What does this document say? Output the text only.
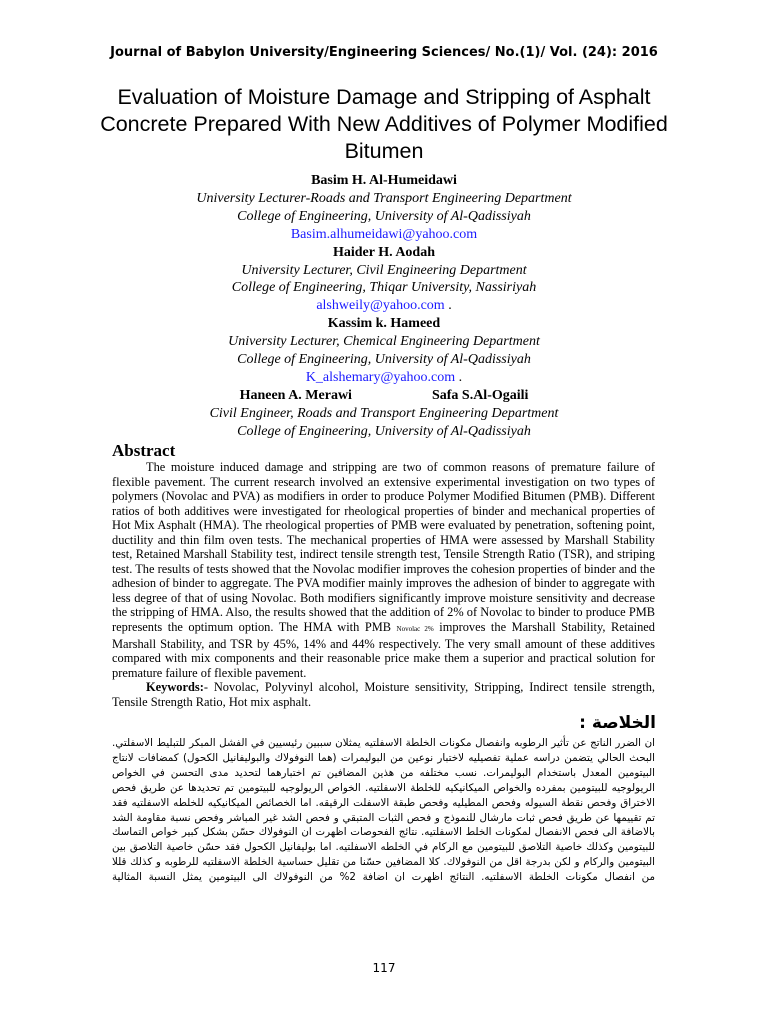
Journal of Babylon University/Engineering Sciences/ No.(1)/ Vol. (24): 2016
Evaluation of Moisture Damage and Stripping of Asphalt Concrete Prepared With New Additives of Polymer Modified Bitumen
Basim H. Al-Humeidawi
University Lecturer-Roads and Transport Engineering Department
College of Engineering, University of Al-Qadissiyah
Basim.alhumeidawi@yahoo.com
Haider H. Aodah
University Lecturer, Civil Engineering Department
College of Engineering, Thiqar University, Nassiriyah
alshweily@yahoo.com .
Kassim k. Hameed
University Lecturer, Chemical Engineering Department
College of Engineering, University of Al-Qadissiyah
K_alshemary@yahoo.com .
Haneen A. Merawi	Safa S.Al-Ogaili
Civil Engineer, Roads and Transport Engineering Department
College of Engineering, University of Al-Qadissiyah
Abstract

The moisture induced damage and stripping are two of common reasons of premature failure of flexible pavement. The current research involved an extensive experimental investigation on two types of polymers (Novolac and PVA) as modifiers in order to produce Polymer Modified Bitumen (PMB). Different ratios of both additives were investigated for rheological properties of binder and mechanical properties of Hot Mix Asphalt (HMA). The rheological properties of PMB were evaluated by penetration, softening point, ductility and thin film oven tests. The mechanical properties of HMA were assessed by Marshall Stability test, Retained Marshall Stability test, indirect tensile strength test, Tensile Strength Ratio (TSR), and striping test. The results of tests showed that the Novolac modifier improves the cohesion properties of binder and the adhesion of binder to aggregate. The PVA modifier mainly improves the adhesion of binder to aggregate with less degree of that of using Novolac. Both modifiers significantly improve moisture sensitivity and decrease the stripping of HMA. Also, the results showed that the addition of 2% of Novolac to binder to produce PMB represents the optimum option. The HMA with PMB Novolac 2% improves the Marshall Stability, Retained Marshall Stability, and TSR by 45%, 14% and 44% respectively. The very small amount of these additives compared with mix components and their reasonable price make them a superior and practical solution for premature failure of flexible pavement.

Keywords:- Novolac, Polyvinyl alcohol, Moisture sensitivity, Stripping, Indirect tensile strength, Tensile Strength Ratio, Hot mix asphalt.

الخلاصة :
ان الضرر الناتج عن تأثير الرطوبه وانفصال مكونات الخلطة الاسفلتيه يمثلان سببين رئيسيين في الفشل المبكر للتبليط الاسفلتي. البحث الحالي يتضمن دراسه عملية تفصيليه لاختبار نوعين من البوليمرات (هما النوفولاك والبوليفانيل الكحول) كمضافات لانتاج البيتومين المعدل باستخدام البوليمرات. نسب مختلفه من هذين المضافين تم اختبارهما لتحديد مدى التحسن في الخواص الريولوجيه للبيتومين بمفرده والخواص الميكانيكيه للخلطة الاسفلتيه. الخواص الريولوجيه للبيتومين تم تحديدها عن طريق فحص الاختراق وفحص نقطة السيوله وفحص المطيليه وفحص طبقة الاسفلت الرقيقه. اما الخصائص الميكانيكيه للخلطه الاسفلتيه فقد تم تقييمها عن طريق فحص ثبات مارشال للنموذج و فحص الثبات المتبقي و فحص الشد غير المباشر وفحص نسبة مقاومة الشد بالاضافة الى فحص الانفصال لمكونات الخلط الاسفلتيه. نتائج الفحوصات اظهرت ان النوفولاك حسّن بشكل كبير خواص التماسك للبيتومين وكذلك خاصية التلاصق للبيتومين مع الركام في الخلطه الاسفلتيه. اما بوليفانيل الكحول فقد حسّن خاصية التلاصق بين البيتومين والركام و لكن بدرجة اقل من النوفولاك. كلا المضافين حسّنا من تقليل حساسية الخلطة الاسفلتيه للرطوبه و كذلك قللا من انفصال مكونات الخلطة الاسفلتيه. النتائج اظهرت ان اضافة 2% من النوفولاك الى البيتومين يمثل النسبة المثالية
117
